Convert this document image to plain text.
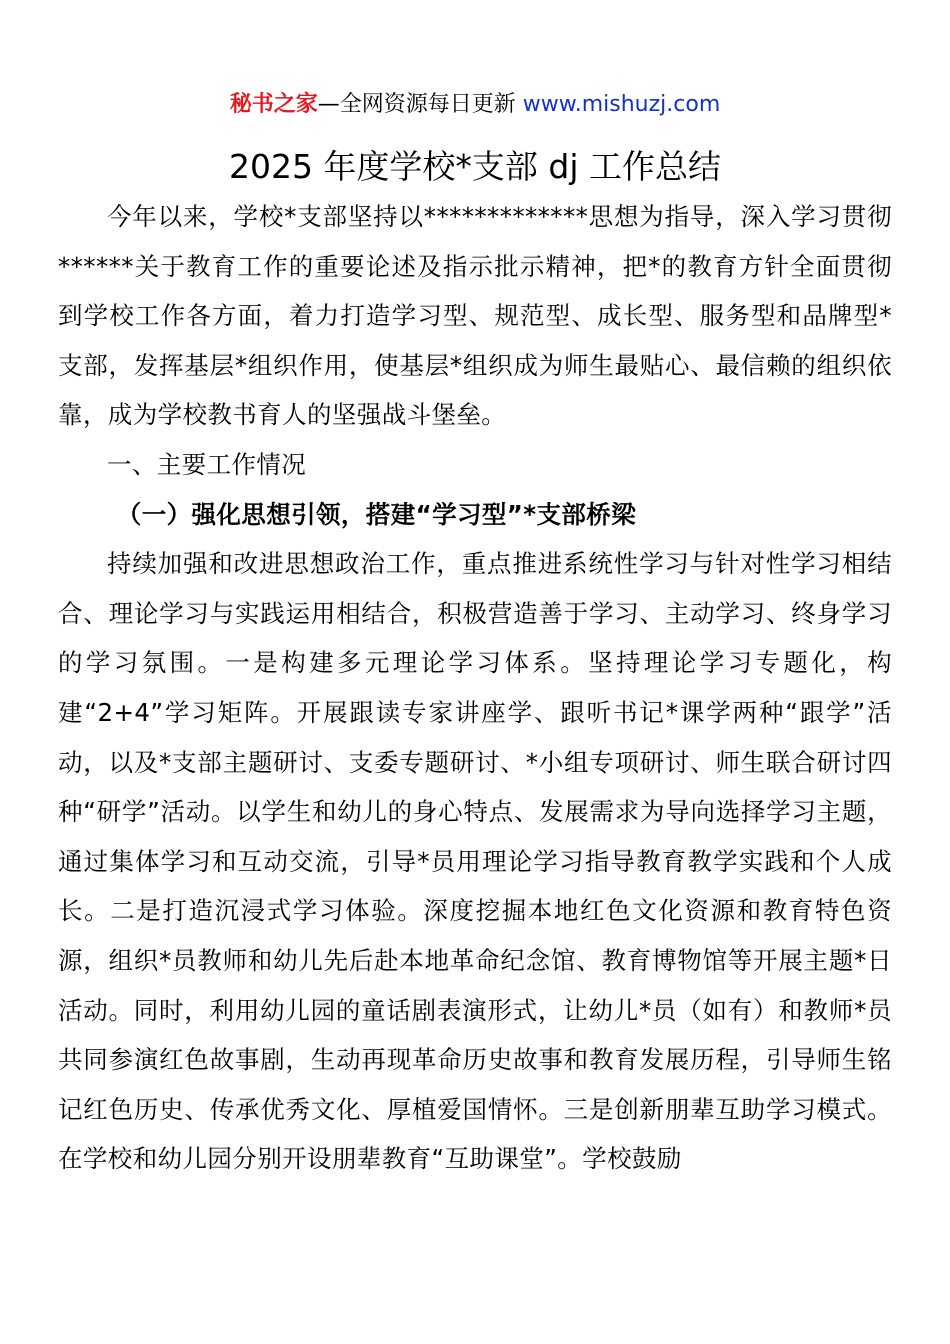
秘书之家—全网资源每日更新 www.mishuzj.com
2025 年度学校*支部 dj 工作总结

今年以来，学校*支部坚持以*************思想为指导，深入学习贯彻******关于教育工作的重要论述及指示批示精神，把*的教育方针全面贯彻到学校工作各方面，着力打造学习型、规范型、成长型、服务型和品牌型*支部，发挥基层*组织作用，使基层*组织成为师生最贴心、最信赖的组织依靠，成为学校教书育人的坚强战斗堡垒。

一、主要工作情况

（一）强化思想引领，搭建“学习型”*支部桥梁

持续加强和改进思想政治工作，重点推进系统性学习与针对性学习相结合、理论学习与实践运用相结合，积极营造善于学习、主动学习、终身学习的学习氛围。一是构建多元理论学习体系。坚持理论学习专题化，构建“2+4”学习矩阵。开展跟读专家讲座学、跟听书记*课学两种“跟学”活动，以及*支部主题研讨、支委专题研讨、*小组专项研讨、师生联合研讨四种“研学”活动。以学生和幼儿的身心特点、发展需求为导向选择学习主题，通过集体学习和互动交流，引导*员用理论学习指导教育教学实践和个人成长。二是打造沉浸式学习体验。深度挖掘本地红色文化资源和教育特色资源，组织*员教师和幼儿先后赴本地革命纪念馆、教育博物馆等开展主题*日活动。同时，利用幼儿园的童话剧表演形式，让幼儿*员（如有）和教师*员共同参演红色故事剧，生动再现革命历史故事和教育发展历程，引导师生铭记红色历史、传承优秀文化、厚植爱国情怀。三是创新朋辈互助学习模式。在学校和幼儿园分别开设朋辈教育“互助课堂”。学校鼓励
